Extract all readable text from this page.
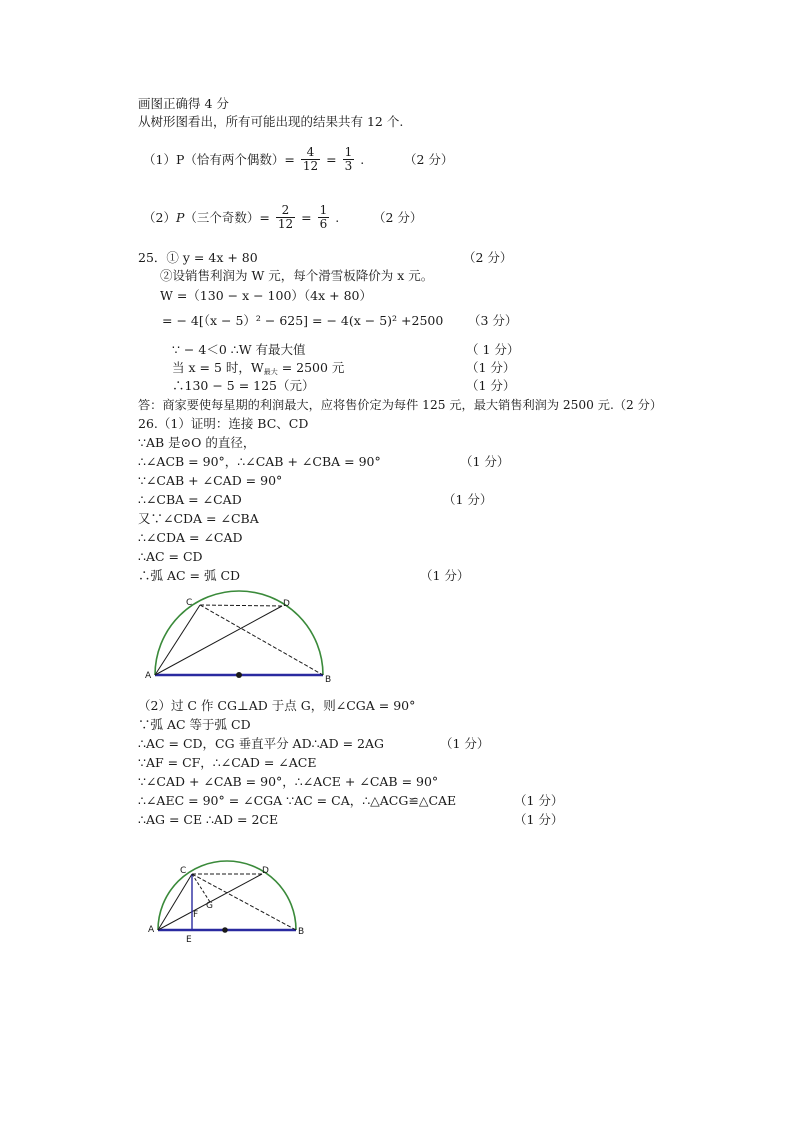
画图正确得 4 分
从树形图看出，所有可能出现的结果共有 12 个.
（1）P（恰有两个偶数）= $\frac{4}{12} = \frac{1}{3}$ .	（2 分）
（2）P（三个奇数）= $\frac{2}{12} = \frac{1}{6}$ .	（2 分）
25．① y = 4x + 80	（2 分）
②设销售利润为 W 元，每个滑雪板降价为 x 元。
W =（130 − x − 100）（4x + 80）
= − 4[（x − 5）² − 625] = − 4(x − 5)² +2500 （3 分）
∵ − 4＜0 ∴W 有最大值	（ 1 分）
当 x = 5 时，$W_{最大} = 2500$ 元	（1 分）
∴130 − 5 = 125（元）	（1 分）
答：商家要使每星期的利润最大，应将售价定为每件 125 元，最大销售利润为 2500 元.（2 分）
26.（1）证明：连接 BC、CD
∵AB 是⊙O 的直径，
∴∠ACB = 90°，∴∠CAB + ∠CBA = 90°	（1 分）
∵∠CAB + ∠CAD = 90°
∴∠CBA = ∠CAD	（1 分）
又∵∠CDA = ∠CBA
∴∠CDA = ∠CAD
∴AC = CD
∴弧 AC = 弧 CD	（1 分）
A	B
C	D
（2）过 C 作 CG⊥AD 于点 G，则∠CGA = 90°
∵弧 AC 等于弧 CD
∴AC = CD，CG 垂直平分 AD∴AD = 2AG	（1 分）
∵AF = CF，∴∠CAD = ∠ACE
∵∠CAD + ∠CAB = 90°，∴∠ACE + ∠CAB = 90°
∴∠AEC = 90° = ∠CGA ∵AC = CA，∴△ACG≌△CAE	（1 分）
∴AG = CE ∴AD = 2CE	（1 分）
A	B
C	D
E
F
G
